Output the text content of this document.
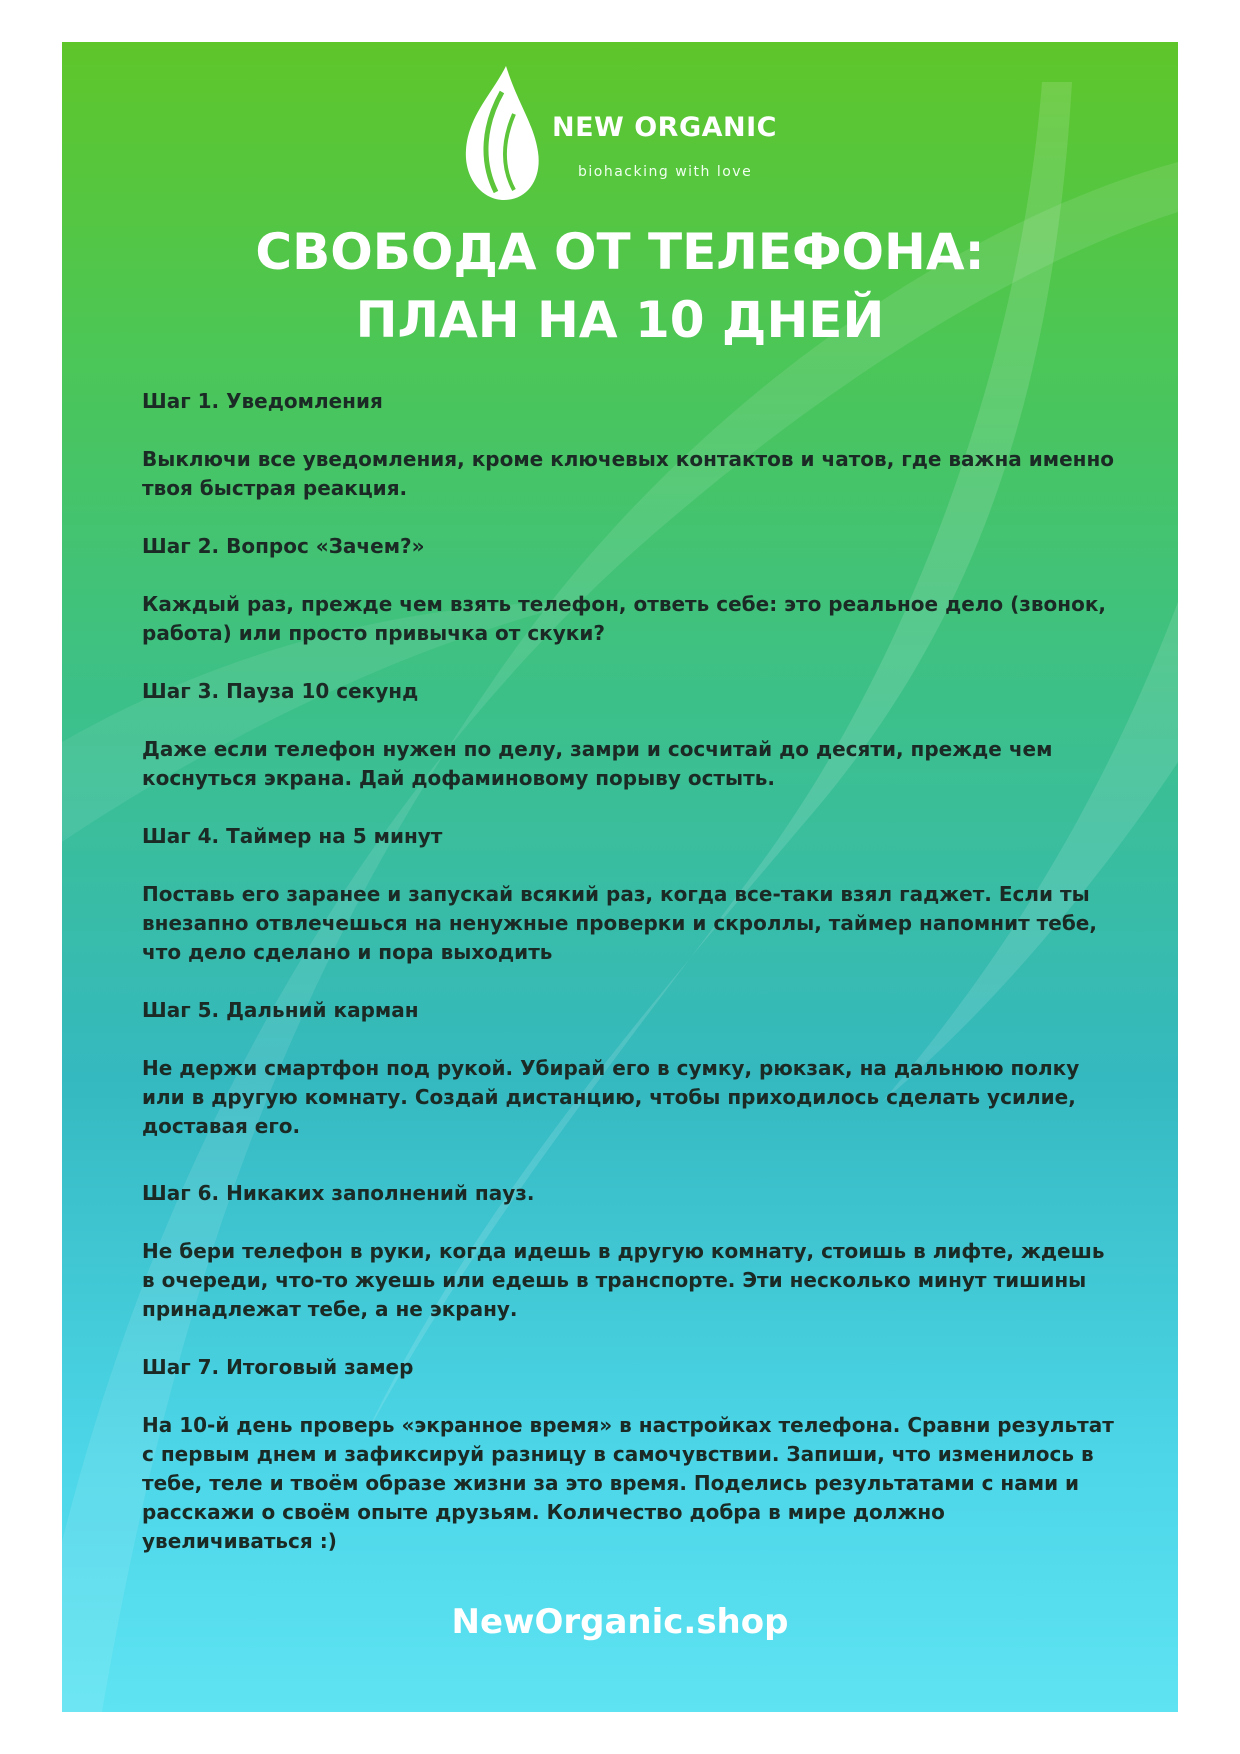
NEW ORGANIC
biohacking with love
СВОБОДА ОТ ТЕЛЕФОНА:
ПЛАН НА 10 ДНЕЙ
Шаг 1. Уведомления
Выключи все уведомления, кроме ключевых контактов и чатов, где важна именно твоя быстрая реакция.
Шаг 2. Вопрос «Зачем?»
Каждый раз, прежде чем взять телефон, ответь себе: это реальное дело (звонок, работа) или просто привычка от скуки?
Шаг 3. Пауза 10 секунд
Даже если телефон нужен по делу, замри и сосчитай до десяти, прежде чем коснуться экрана. Дай дофаминовому порыву остыть.
Шаг 4. Таймер на 5 минут
Поставь его заранее и запускай всякий раз, когда все-таки взял гаджет. Если ты внезапно отвлечешься на ненужные проверки и скроллы, таймер напомнит тебе, что дело сделано и пора выходить
Шаг 5. Дальний карман
Не держи смартфон под рукой. Убирай его в сумку, рюкзак, на дальнюю полку или в другую комнату. Создай дистанцию, чтобы приходилось сделать усилие, доставая его.
Шаг 6. Никаких заполнений пауз.
Не бери телефон в руки, когда идешь в другую комнату, стоишь в лифте, ждешь в очереди, что-то жуешь или едешь в транспорте. Эти несколько минут тишины принадлежат тебе, а не экрану.
Шаг 7. Итоговый замер
На 10-й день проверь «экранное время» в настройках телефона. Сравни результат с первым днем и зафиксируй разницу в самочувствии. Запиши, что изменилось в тебе, теле и твоём образе жизни за это время. Поделись результатами с нами и расскажи о своём опыте друзьям. Количество добра в мире должно увеличиваться :)
NewOrganic.shop
